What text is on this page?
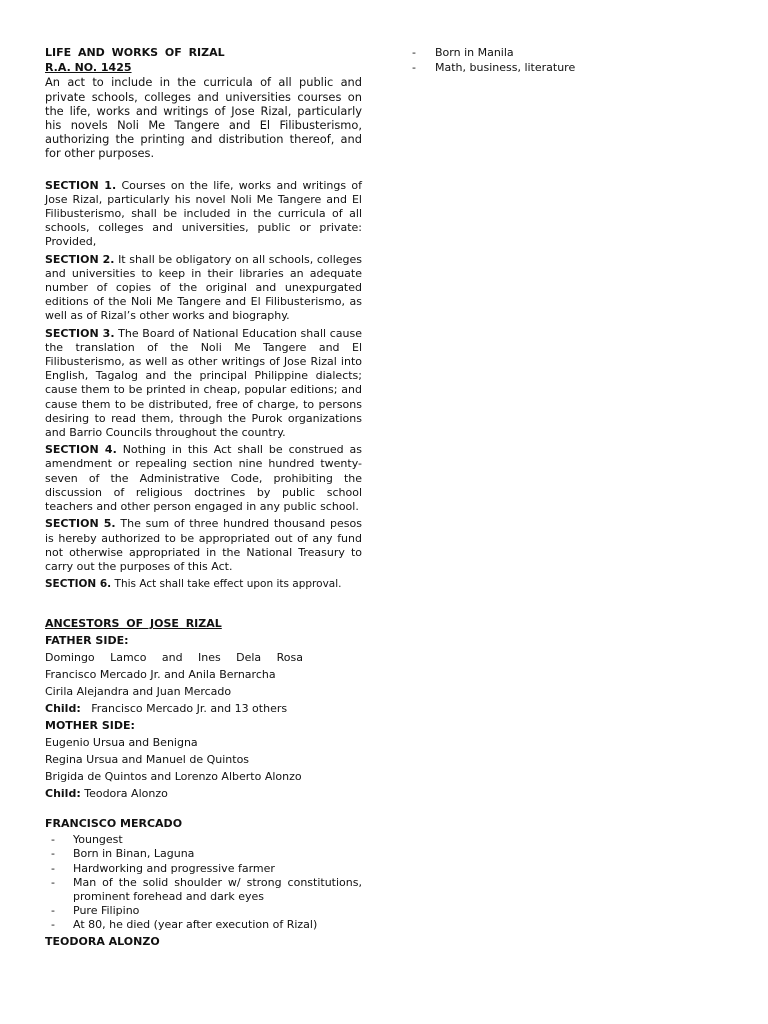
LIFE AND WORKS OF RIZAL

R.A. NO. 1425

An act to include in the curricula of all public and private schools, colleges and universities courses on the life, works and writings of Jose Rizal, particularly his novels Noli Me Tangere and El Filibusterismo, authorizing the printing and distribution thereof, and for other purposes.

SECTION 1. Courses on the life, works and writings of Jose Rizal, particularly his novel Noli Me Tangere and El Filibusterismo, shall be included in the curricula of all schools, colleges and universities, public or private: Provided,

SECTION 2. It shall be obligatory on all schools, colleges and universities to keep in their libraries an adequate number of copies of the original and unexpurgated editions of the Noli Me Tangere and El Filibusterismo, as well as of Rizal’s other works and biography.

SECTION 3. The Board of National Education shall cause the translation of the Noli Me Tangere and El Filibusterismo, as well as other writings of Jose Rizal into English, Tagalog and the principal Philippine dialects; cause them to be printed in cheap, popular editions; and cause them to be distributed, free of charge, to persons desiring to read them, through the Purok organizations and Barrio Councils throughout the country.

SECTION 4. Nothing in this Act shall be construed as amendment or repealing section nine hundred twenty-seven of the Administrative Code, prohibiting the discussion of religious doctrines by public school teachers and other person engaged in any public school.

SECTION 5. The sum of three hundred thousand pesos is hereby authorized to be appropriated out of any fund not otherwise appropriated in the National Treasury to carry out the purposes of this Act.

SECTION 6. This Act shall take effect upon its approval.

ANCESTORS OF JOSE RIZAL

FATHER SIDE:

Domingo Lamco and Ines Dela Rosa

Francisco Mercado Jr. and Anila Bernarcha

Cirila Alejandra and Juan Mercado

Child: Francisco Mercado Jr. and 13 others

MOTHER SIDE:

Eugenio Ursua and Benigna

Regina Ursua and Manuel de Quintos

Brigida de Quintos and Lorenzo Alberto Alonzo

Child: Teodora Alonzo

FRANCISCO MERCADO

- Youngest
- Born in Binan, Laguna
- Hardworking and progressive farmer
- Man of the solid shoulder w/ strong constitutions, prominent forehead and dark eyes
- Pure Filipino
- At 80, he died (year after execution of Rizal)

TEODORA ALONZO

- Born in Manila
- Math, business, literature
